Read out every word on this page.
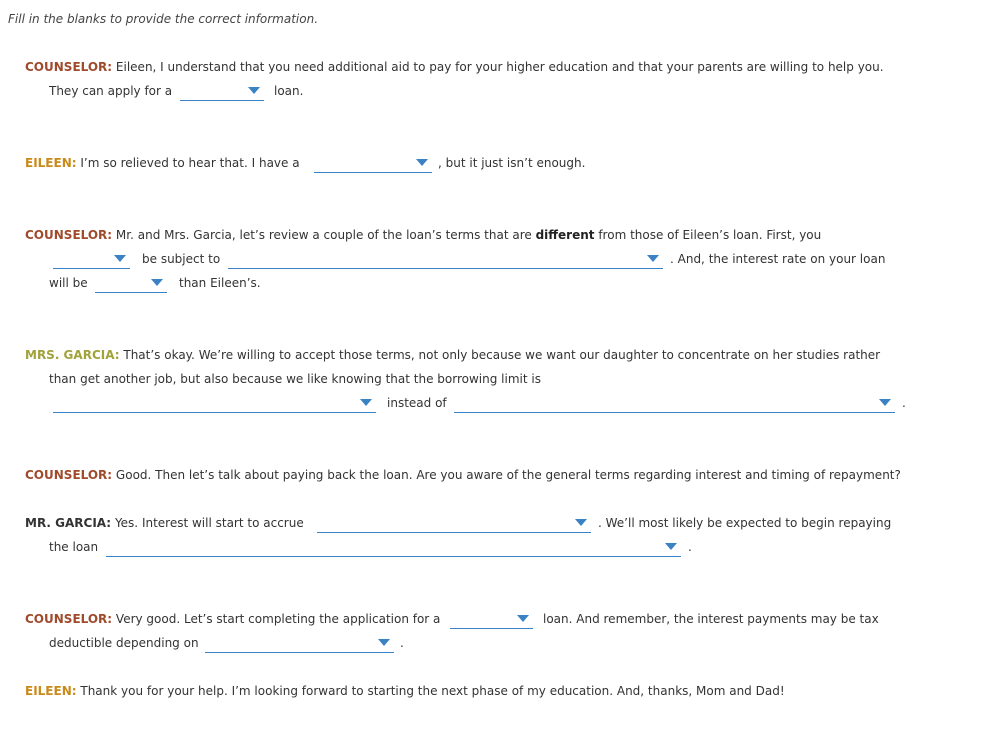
Fill in the blanks to provide the correct information.
COUNSELOR: Eileen, I understand that you need additional aid to pay for your higher education and that your parents are willing to help you.
They can apply for a	loan.
EILEEN: I’m so relieved to hear that. I have a	, but it just isn’t enough.
COUNSELOR: Mr. and Mrs. Garcia, let’s review a couple of the loan’s terms that are different from those of Eileen’s loan. First, you
be subject to	. And, the interest rate on your loan
will be	than Eileen’s.
MRS. GARCIA: That’s okay. We’re willing to accept those terms, not only because we want our daughter to concentrate on her studies rather
than get another job, but also because we like knowing that the borrowing limit is
instead of	.
COUNSELOR: Good. Then let’s talk about paying back the loan. Are you aware of the general terms regarding interest and timing of repayment?
MR. GARCIA: Yes. Interest will start to accrue	. We’ll most likely be expected to begin repaying
the loan	.
COUNSELOR: Very good. Let’s start completing the application for a	loan. And remember, the interest payments may be tax
deductible depending on	.
EILEEN: Thank you for your help. I’m looking forward to starting the next phase of my education. And, thanks, Mom and Dad!
